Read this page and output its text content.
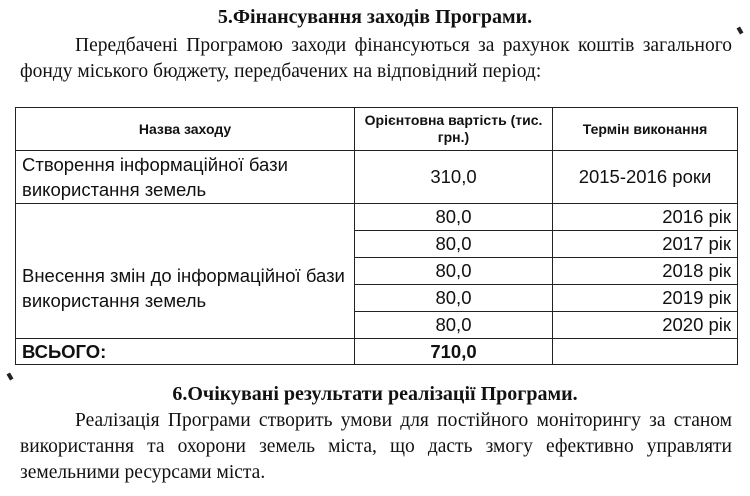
5.Фінансування заходів Програми.

Передбачені Програмою заходи фінансуються за рахунок коштів загального фонду міського бюджету, передбачених на відповідний період:

Назва заходу	Орієнтовна вартість (тис. грн.)	Термін виконання
Створення інформаційної бази використання земель	310,0	2015-2016 роки
Внесення змін до інформаційної бази використання земель	80,0	2016 рік
	80,0	2017 рік
	80,0	2018 рік
	80,0	2019 рік
	80,0	2020 рік
ВСЬОГО:	710,0	
6.Очікувані результати реалізації Програми.

Реалізація Програми створить умови для постійного моніторингу за станом використання та охорони земель міста, що дасть змогу ефективно управляти земельними ресурсами міста.
